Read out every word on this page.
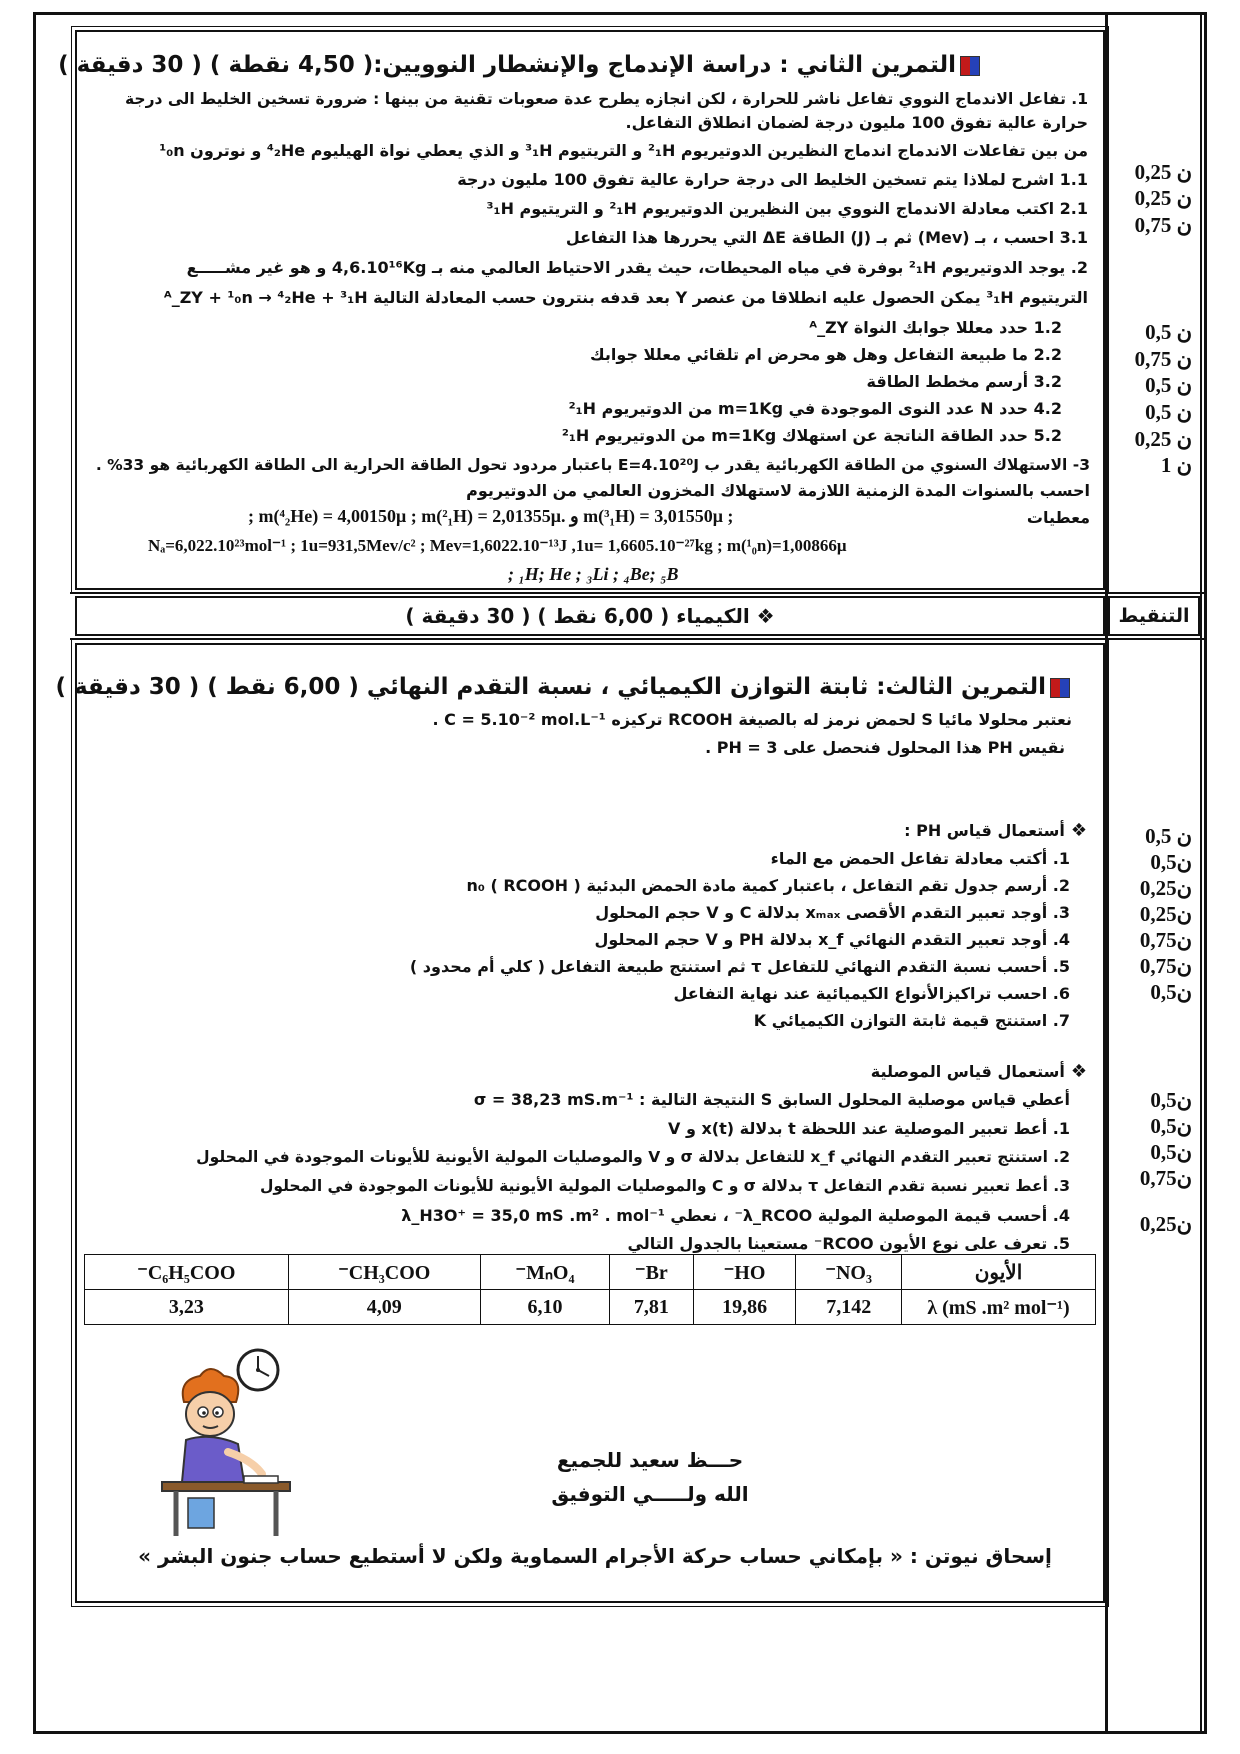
التنقيط
❖ الكيمياء ( 6,00 نقط ) ( 30 دقيقة )
التمرين الثاني : دراسة الإندماج والإنشطار النوويين:( 4,50 نقطة ) ( 30 دقيقة )
1. تفاعل الاندماج النووي تفاعل ناشر للحرارة ، لكن انجازه يطرح عدة صعوبات تقنية من بينها : ضرورة تسخين الخليط الى درجة
حرارة عالية تفوق 100 مليون درجة لضمان انطلاق التفاعل.
من بين تفاعلات الاندماج اندماج النظيرين الدوتيريوم ²₁H و التريتيوم ³₁H و الذي يعطي نواة الهيليوم ⁴₂He و نوترون ¹₀n
1.1 اشرح لملاذا يتم تسخين الخليط الى درجة حرارة عالية تفوق 100 مليون درجة
2.1 اكتب معادلة الاندماج النووي بين النظيرين الدوتيريوم ²₁H و التريتيوم ³₁H
3.1 احسب ، بـ (Mev) ثم بـ (J) الطاقة ΔE التي يحررها هذا التفاعل
2. يوجد الدوتيريوم ²₁H بوفرة في مياه المحيطات، حيث يقدر الاحتياط العالمي منه بـ 4,6.10¹⁶Kg و هو غير مشـــــع
التريتيوم ³₁H يمكن الحصول عليه انطلاقا من عنصر Y بعد قدفه بنترون حسب المعادلة التالية ᴬ_ZY + ¹₀n → ⁴₂He + ³₁H
1.2 حدد معللا جوابك النواة ᴬ_ZY
2.2 ما طبيعة التفاعل وهل هو محرض ام تلقائي معللا جوابك
3.2 أرسم مخطط الطاقة
4.2 حدد N عدد النوى الموجودة في m=1Kg من الدوتيريوم ²₁H
5.2 حدد الطاقة الناتجة عن استهلاك m=1Kg من الدوتيريوم ²₁H
3- الاستهلاك السنوي من الطاقة الكهربائية يقدر ب E=4.10²⁰J باعتبار مردود تحول الطاقة الحرارية الى الطاقة الكهربائية هو 33% .
احسب بالسنوات المدة الزمنية اللازمة لاستهلاك المخزون العالمي من الدوتيريوم
معطيات
; m(⁴₂He) = 4,00150μ ; m(²₁H) = 2,01355μ. و m(³₁H) = 3,01550μ ;
Nₐ=6,022.10²³mol⁻¹ ; 1u=931,5Mev/c² ; Mev=1,6022.10⁻¹³J ,1u= 1,6605.10⁻²⁷kg ; m(¹₀n)=1,00866μ
; ₁H; He ; ₃Li ; ₄Be; ₅B
0,25 ن
0,25 ن
0,75 ن
0,5 ن
0,75 ن
0,5 ن
0,5 ن
0,25 ن
1 ن
التمرين الثالث: ثابتة التوازن الكيميائي ، نسبة التقدم النهائي ( 6,00 نقط ) ( 30 دقيقة )
نعتبر محلولا مائيا S لحمض نرمز له بالصيغة RCOOH تركيزه C = 5.10⁻² mol.L⁻¹ .
نقيس PH هذا المحلول فنحصل على PH = 3 .
❖أستعمال قياس PH :
1. أكتب معادلة تفاعل الحمض مع الماء
2. أرسم جدول تقم التفاعل ، باعتبار كمية مادة الحمض البدئية ( n₀ ( RCOOH
3. أوجد تعبير التقدم الأقصى xₘₐₓ بدلالة C و V حجم المحلول
4. أوجد تعبير التقدم النهائي x_f بدلالة PH و V حجم المحلول
5. أحسب نسبة التقدم النهائي للتفاعل τ ثم استنتج طبيعة التفاعل ( كلي أم محدود )
6. احسب تراكيزالأنواع الكيميائية عند نهاية التفاعل
7. استنتج قيمة ثابتة التوازن الكيميائي K
❖أستعمال قياس الموصلية
أعطي قياس موصلية المحلول السابق S النتيجة التالية : σ = 38,23 mS.m⁻¹
1. أعط تعبير الموصلية عند اللحظة t بدلالة x(t) و V
2. استنتج تعبير التقدم النهائي x_f للتفاعل بدلالة σ و V والموصليات المولية الأيونية للأيونات الموجودة في المحلول
3. أعط تعبير نسبة تقدم التفاعل τ بدلالة σ و C والموصليات المولية الأيونية للأيونات الموجودة في المحلول
4. أحسب قيمة الموصلية المولية λ_RCOO⁻ ، نعطي λ_H3O⁺ = 35,0 mS .m² . mol⁻¹
5. تعرف على نوع الأيون RCOO⁻ مستعينا بالجدول التالي
0,5 ن
0,5ن
0,25ن
0,25ن
0,75ن
0,75ن
0,5ن
0,5ن
0,5ن
0,5ن
0,75ن
0,25ن
الأيون	NO₃⁻	HO⁻	Br⁻	MₙO₄⁻	CH₃COO⁻	C₆H₅COO⁻
λ (mS .m² mol⁻¹)	7,142	19,86	7,81	6,10	4,09	3,23
حـــظ سعيد للجميع
الله ولـــــي التوفيق
إسحاق نيوتن : « بإمكاني حساب حركة الأجرام السماوية ولكن لا أستطيع حساب جنون البشر »
